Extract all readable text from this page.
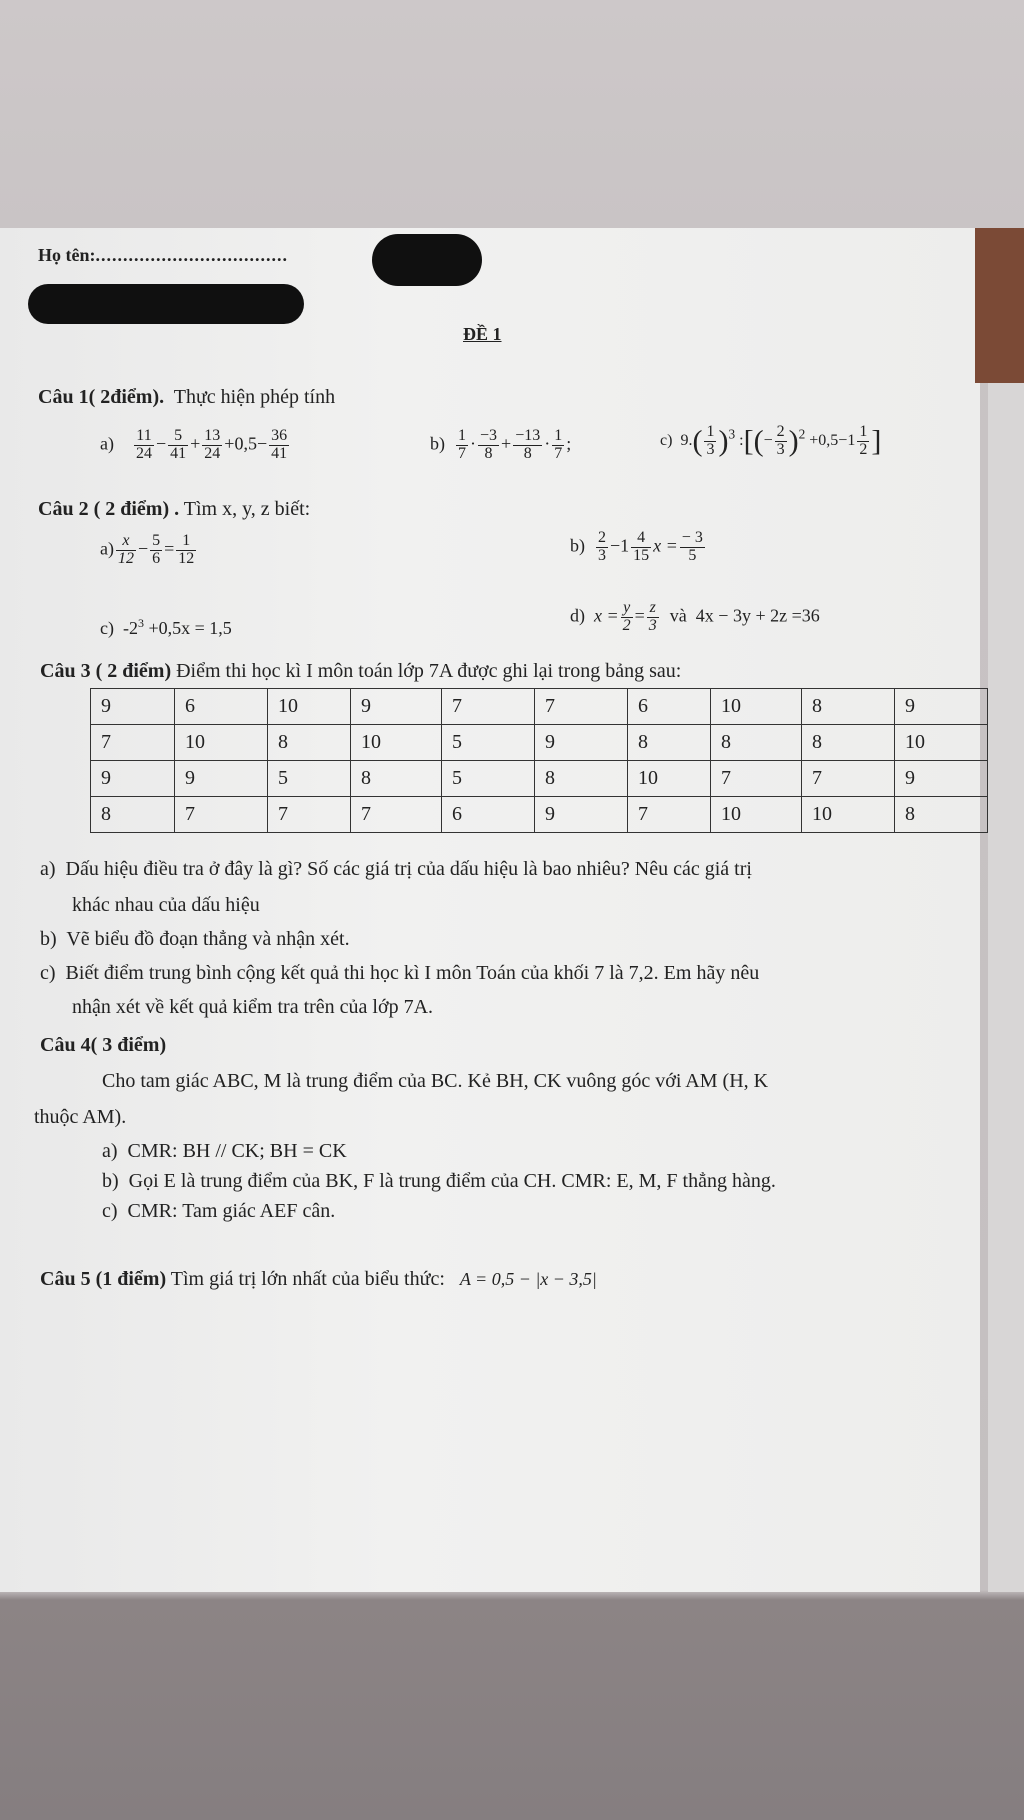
Họ tên:...................................
ĐỀ 1
Câu 1( 2điểm). Thực hiện phép tính
$a) \frac{11}{24} - \frac{5}{41} + \frac{13}{24} +0,5- \frac{36}{41}$	$b) \frac{1}{7} \cdot \frac{-3}{8} + \frac{-13}{8} \cdot \frac{1}{7}$ ;	c) $9.( \frac{1}{3} )^3$ :[(− $\frac{2}{3} )^2 +0,5-1 \frac{1}{2}$ ]
Câu 2 ( 2 điểm) . Tìm x, y, z biết:
$a) \frac{x}{12} - \frac{5}{6} = \frac{1}{12}$	$b) \frac{2}{3} -1 \frac{4}{15}$ $x = \frac{- 3}{5}$
c) $-2^3 +0,5x = 1,5$
d) $x = \frac{y}{2} = \frac{z}{3}$ và 4x − 3y + 2z =36
Câu 3 ( 2 điểm) Điểm thi học kì I môn toán lớp 7A được ghi lại trong bảng sau:
9	6	10	9	7	7	6	10	8	9
7	10	8	10	5	9	8	8	8	10
9	9	5	8	5	8	10	7	7	9
8	7	7	7	6	9	7	10	10	8
a) Dấu hiệu điều tra ở đây là gì? Số các giá trị của dấu hiệu là bao nhiêu? Nêu các giá trị
khác nhau của dấu hiệu
b) Vẽ biểu đồ đoạn thẳng và nhận xét.
c) Biết điểm trung bình cộng kết quả thi học kì I môn Toán của khối 7 là 7,2. Em hãy nêu
nhận xét về kết quả kiểm tra trên của lớp 7A.
Câu 4( 3 điểm)
Cho tam giác ABC, M là trung điểm của BC. Kẻ BH, CK vuông góc với AM (H, K
thuộc AM).
a) CMR: BH // CK; BH = CK
b) Gọi E là trung điểm của BK, F là trung điểm của CH. CMR: E, M, F thẳng hàng.
c) CMR: Tam giác AEF cân.
Câu 5 (1 điểm) Tìm giá trị lớn nhất của biểu thức: A = 0,5 − |x − 3,5|
